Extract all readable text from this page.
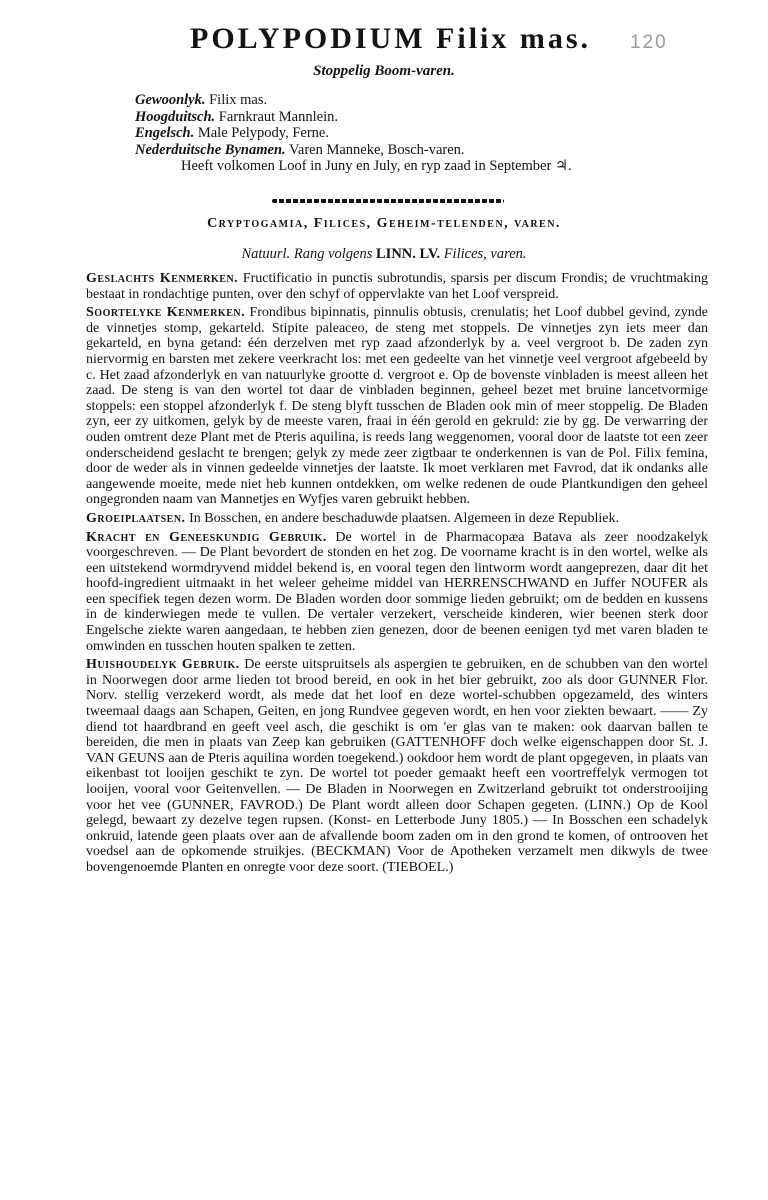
POLYPODIUM Filix mas. 120
Stoppelig Boom-varen.
Gewoonlyk. Filix mas.
Hoogduitsch. Farnkraut Mannlein.
Engelsch. Male Pelypody, Ferne.
Nederduitsche Bynamen. Varen Manneke, Bosch-varen.
Heeft volkomen Loof in Juny en July, en ryp zaad in September ♃.
Cryptogamia, Filices, Geheim-telenden, varen.
Natuurl. Rang volgens LINN. LV. Filices, varen.

Geslachts Kenmerken. Fructificatio in punctis subrotundis, sparsis per discum Frondis; de vruchtmaking bestaat in rondachtige punten, over den schyf of oppervlakte van het Loof verspreid.

Soortelyke Kenmerken. Frondibus bipinnatis, pinnulis obtusis, crenulatis; het Loof dubbel gevind, zynde de vinnetjes stomp, gekarteld. Stipite paleaceo, de steng met stoppels. De vinnetjes zyn iets meer dan gekarteld, en byna getand: één derzelven met ryp zaad afzonderlyk by a. veel vergroot b. De zaden zyn niervormig en barsten met zekere veerkracht los: met een gedeelte van het vinnetje veel vergroot afgebeeld by c. Het zaad afzonderlyk en van natuurlyke grootte d. vergroot e. Op de bovenste vinbladen is meest alleen het zaad. De steng is van den wortel tot daar de vinbladen beginnen, geheel bezet met bruine lancetvormige stoppels: een stoppel afzonderlyk f. De steng blyft tusschen de Bladen ook min of meer stoppelig. De Bladen zyn, eer zy uitkomen, gelyk by de meeste varen, fraai in één gerold en gekruld: zie by gg. De verwarring der ouden omtrent deze Plant met de Pteris aquilina, is reeds lang weggenomen, vooral door de laatste tot een zeer onderscheidend geslacht te brengen; gelyk zy mede zeer zigtbaar te onderkennen is van de Pol. Filix femina, door de weder als in vinnen gedeelde vinnetjes der laatste. Ik moet verklaren met Favrod, dat ik ondanks alle aangewende moeite, mede niet heb kunnen ontdekken, om welke redenen de oude Plantkundigen den geheel ongegronden naam van Mannetjes en Wyfjes varen gebruikt hebben.

Groeiplaatsen. In Bosschen, en andere beschaduwde plaatsen. Algemeen in deze Republiek.

Kracht en Geneeskundig Gebruik. De wortel in de Pharmacopæa Batava als zeer noodzakelyk voorgeschreven. — De Plant bevordert de stonden en het zog. De voorname kracht is in den wortel, welke als een uitstekend wormdryvend middel bekend is, en vooral tegen den lintworm wordt aangeprezen, daar dit het hoofd-ingredient uitmaakt in het weleer geheime middel van HERRENSCHWAND en Juffer NOUFER als een specifiek tegen dezen worm. De Bladen worden door sommige lieden gebruikt; om de bedden en kussens in de kinderwiegen mede te vullen. De vertaler verzekert, verscheide kinderen, wier beenen sterk door Engelsche ziekte waren aangedaan, te hebben zien genezen, door de beenen eenigen tyd met varen bladen te omwinden en tusschen houten spalken te zetten.

Huishoudelyk Gebruik. De eerste uitspruitsels als aspergien te gebruiken, en de schubben van den wortel in Noorwegen door arme lieden tot brood bereid, en ook in het bier gebruikt, zoo als door GUNNER Flor. Norv. stellig verzekerd wordt, als mede dat het loof en deze wortel-schubben opgezameld, des winters tweemaal daags aan Schapen, Geiten, en jong Rundvee gegeven wordt, en hen voor ziekten bewaart. —— Zy diend tot haardbrand en geeft veel asch, die geschikt is om 'er glas van te maken: ook daarvan ballen te bereiden, die men in plaats van Zeep kan gebruiken (GATTENHOFF doch welke eigenschappen door St. J. VAN GEUNS aan de Pteris aquilina worden toegekend.) ookdoor hem wordt de plant opgegeven, in plaats van eikenbast tot looijen geschikt te zyn. De wortel tot poeder gemaakt heeft een voortreffelyk vermogen tot looijen, vooral voor Geitenvellen. — De Bladen in Noorwegen en Zwitzerland gebruikt tot onderstrooijing voor het vee (GUNNER, FAVROD.) De Plant wordt alleen door Schapen gegeten. (LINN.) Op de Kool gelegd, bewaart zy dezelve tegen rupsen. (Konst- en Letterbode Juny 1805.) — In Bosschen een schadelyk onkruid, latende geen plaats over aan de afvallende boom zaden om in den grond te komen, of ontrooven het voedsel aan de opkomende struikjes. (BECKMAN) Voor de Apotheken verzamelt men dikwyls de twee bovengenoemde Planten en onregte voor deze soort. (TIEBOEL.)
